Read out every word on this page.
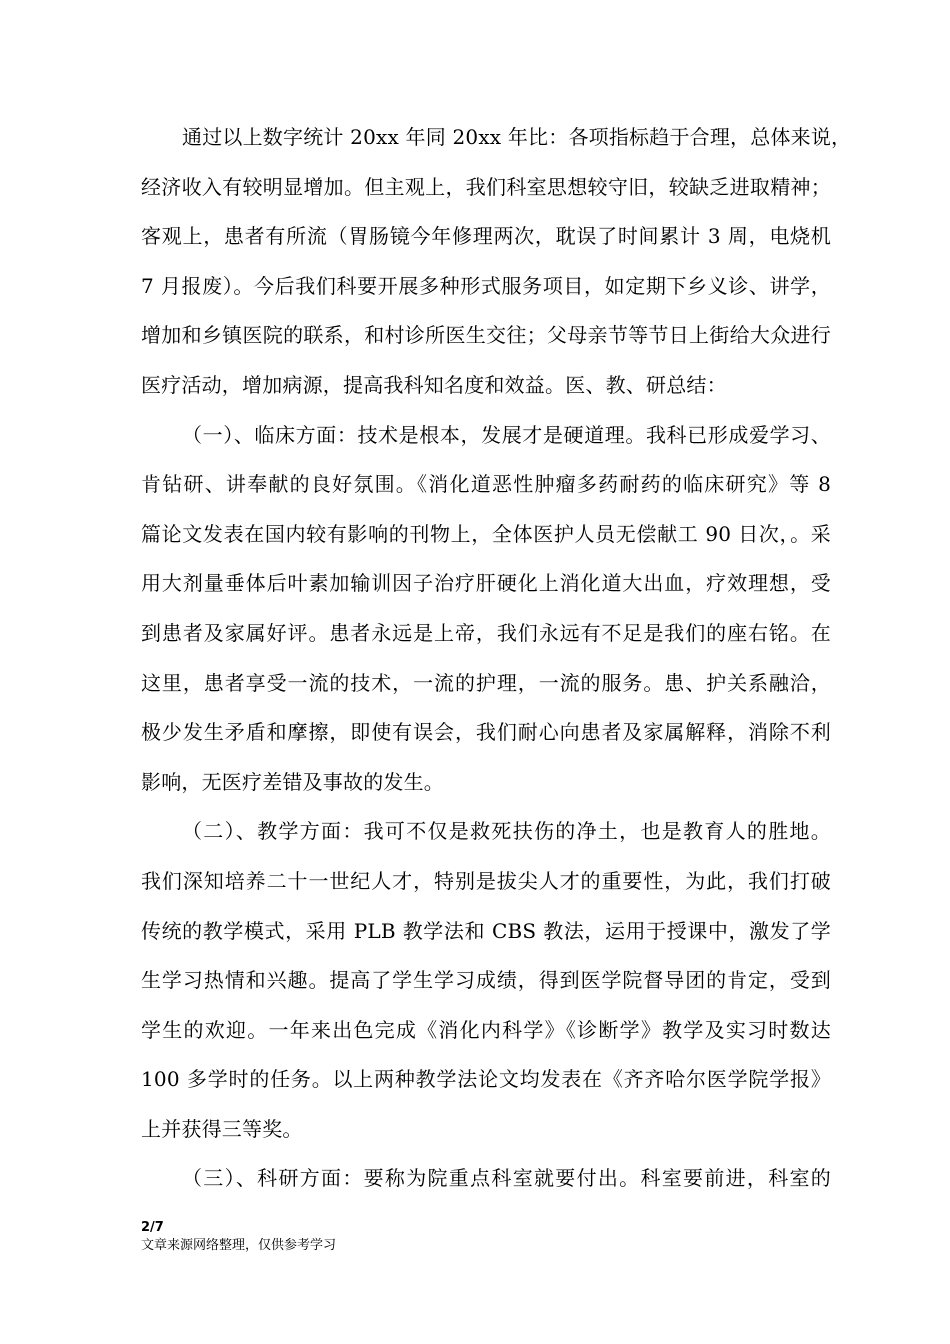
通过以上数字统计 20xx 年同 20xx 年比：各项指标趋于合理，总体来说，
经济收入有较明显增加。但主观上，我们科室思想较守旧，较缺乏进取精神；
客观上，患者有所流（胃肠镜今年修理两次，耽误了时间累计 3 周，电烧机
7 月报废）。今后我们科要开展多种形式服务项目，如定期下乡义诊、讲学，
增加和乡镇医院的联系，和村诊所医生交往；父母亲节等节日上街给大众进行
医疗活动，增加病源，提高我科知名度和效益。医、教、研总结：
（一）、临床方面：技术是根本，发展才是硬道理。我科已形成爱学习、
肯钻研、讲奉献的良好氛围。《消化道恶性肿瘤多药耐药的临床研究》等 8
篇论文发表在国内较有影响的刊物上，全体医护人员无偿献工 90 日次，。采
用大剂量垂体后叶素加输训因子治疗肝硬化上消化道大出血，疗效理想，受
到患者及家属好评。患者永远是上帝，我们永远有不足是我们的座右铭。在
这里，患者享受一流的技术，一流的护理，一流的服务。患、护关系融洽，
极少发生矛盾和摩擦，即使有误会，我们耐心向患者及家属解释，消除不利
影响，无医疗差错及事故的发生。
（二）、教学方面：我可不仅是救死扶伤的净土，也是教育人的胜地。
我们深知培养二十一世纪人才，特别是拔尖人才的重要性，为此，我们打破
传统的教学模式，采用 PLB 教学法和 CBS 教法，运用于授课中，激发了学
生学习热情和兴趣。提高了学生学习成绩，得到医学院督导团的肯定，受到
学生的欢迎。一年来出色完成《消化内科学》《诊断学》教学及实习时数达
100 多学时的任务。以上两种教学法论文均发表在《齐齐哈尔医学院学报》
上并获得三等奖。
（三）、科研方面：要称为院重点科室就要付出。科室要前进，科室的
2/7
文章来源网络整理，仅供参考学习
